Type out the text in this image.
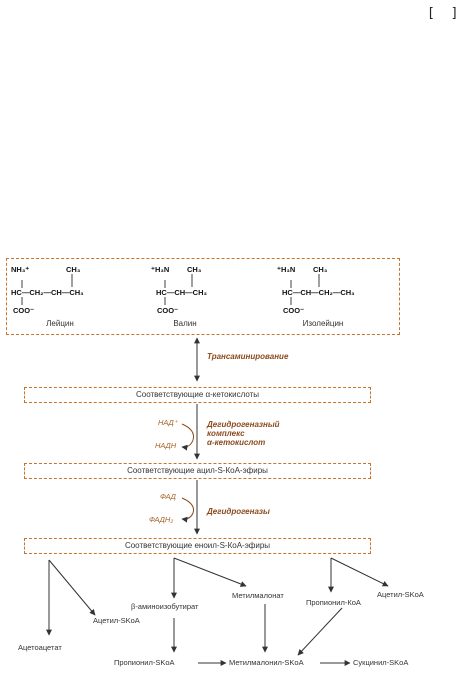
[ ]
NH₃⁺	CH₃
HC—CH₂—CH—CH₃
COO⁻
⁺H₃N CH₃
HC—CH—CH₃
COO⁻
⁺H₃N CH₃
HC—CH—CH₂—CH₃
COO⁻
Лейцин	Валин	Изолейцин
Трансаминирование
Соответствующие α-кетокислоты
НАД⁺
НАДН
Дегидрогеназный
комплекс
α-кетокислот
Соответствующие ацил-S-КоА-эфиры
ФАД
ФАДН₂
Дегидрогеназы
Соответствующие еноил-S-КоА-эфиры
Ацетил-SKoA
Ацетоацетат
β-аминоизобутират
Метилмалонат
Пропионил-КоА
Ацетил-SKoA
Пропионил-SKoA	Метилмалонил-SKoA	Сукцинил-SKoA
